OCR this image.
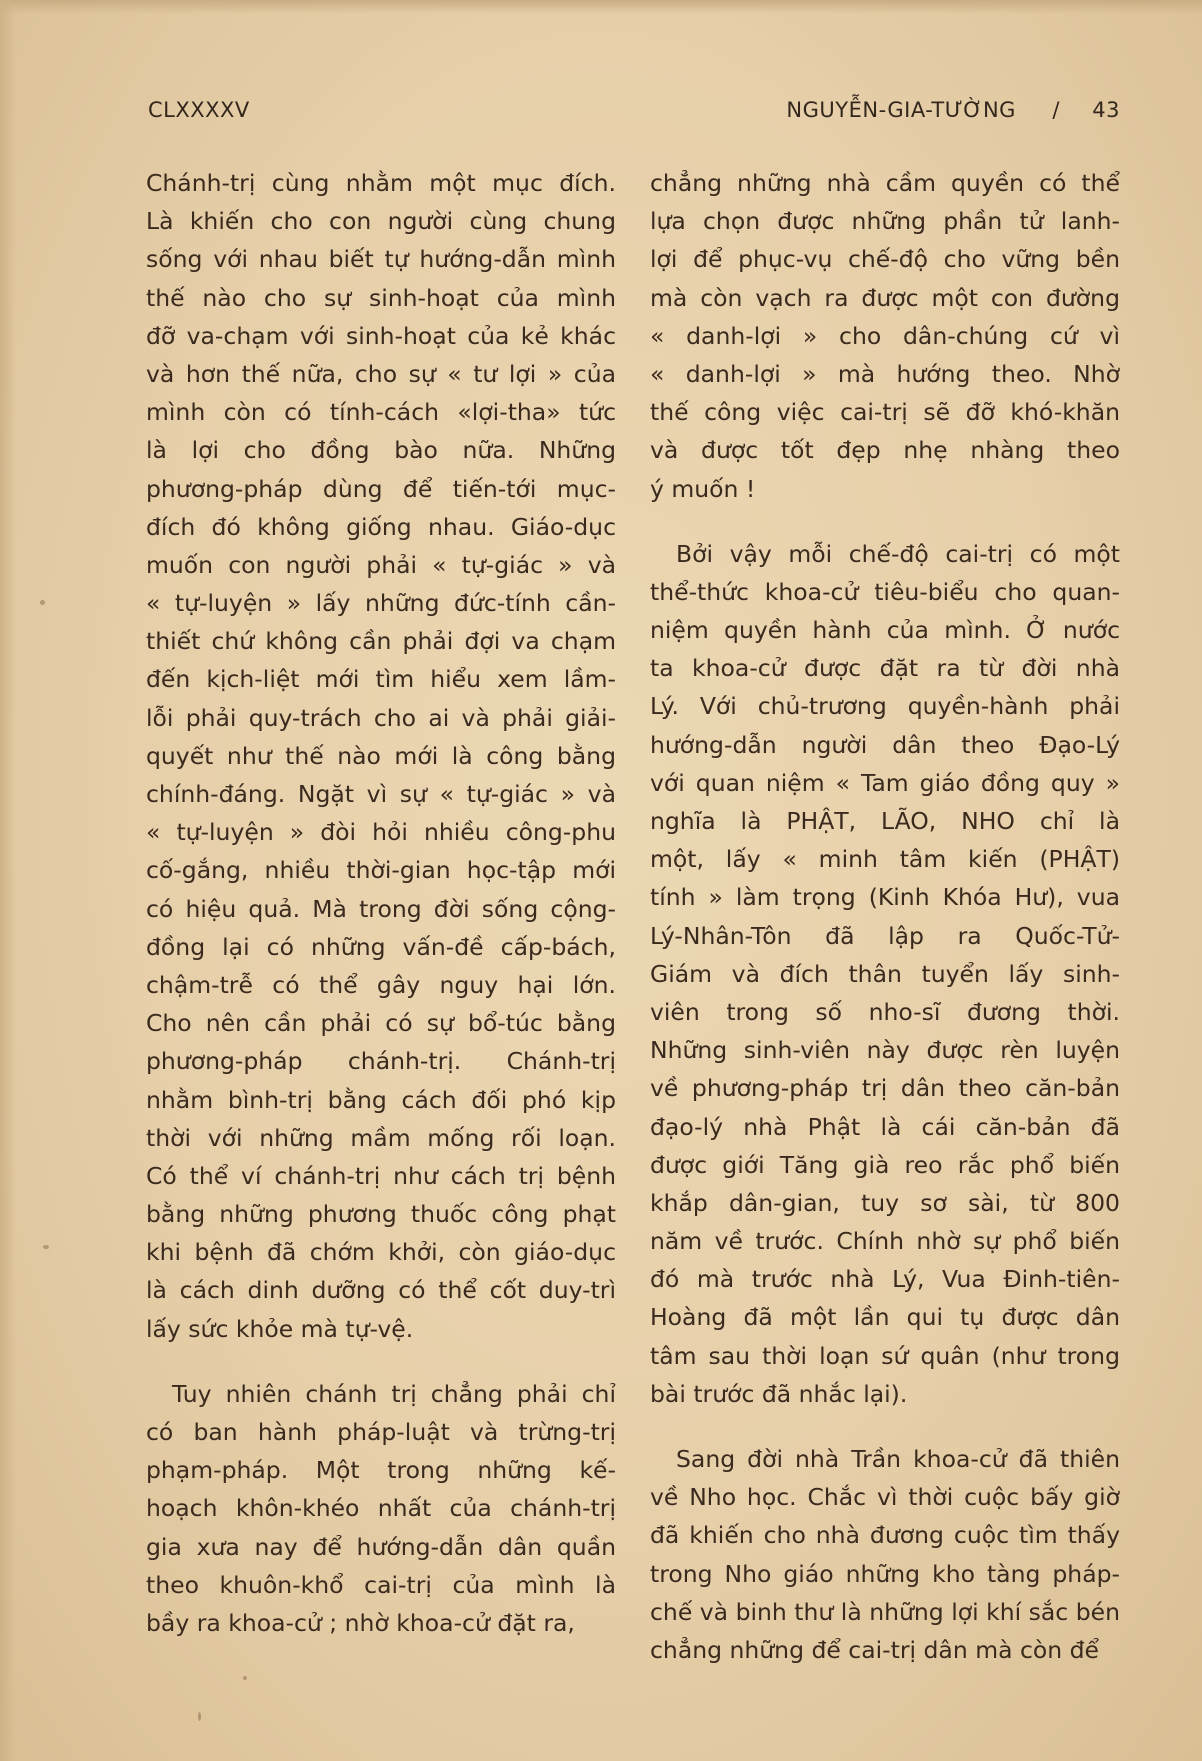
CLXXXXV	NGUYỄN-GIA-TƯỜNG / 43
Chánh-trị cùng nhằm một mục đích.
Là khiến cho con người cùng chung
sống với nhau biết tự hướng-dẫn mình
thế nào cho sự sinh-hoạt của mình
đỡ va-chạm với sinh-hoạt của kẻ khác
và hơn thế nữa, cho sự « tư lợi » của
mình còn có tính-cách «lợi-tha» tức
là lợi cho đồng bào nữa. Những
phương-pháp dùng để tiến-tới mục-
đích đó không giống nhau. Giáo-dục
muốn con người phải « tự-giác » và
« tự-luyện » lấy những đức-tính cần-
thiết chứ không cần phải đợi va chạm
đến kịch-liệt mới tìm hiểu xem lầm-
lỗi phải quy-trách cho ai và phải giải-
quyết như thế nào mới là công bằng
chính-đáng. Ngặt vì sự « tự-giác » và
« tự-luyện » đòi hỏi nhiều công-phu
cố-gắng, nhiều thời-gian học-tập mới
có hiệu quả. Mà trong đời sống cộng-
đồng lại có những vấn-đề cấp-bách,
chậm-trễ có thể gây nguy hại lớn.
Cho nên cần phải có sự bổ-túc bằng
phương-pháp chánh-trị. Chánh-trị
nhằm bình-trị bằng cách đối phó kịp
thời với những mầm mống rối loạn.
Có thể ví chánh-trị như cách trị bệnh
bằng những phương thuốc công phạt
khi bệnh đã chớm khởi, còn giáo-dục
là cách dinh dưỡng có thể cốt duy-trì
lấy sức khỏe mà tự-vệ.
Tuy nhiên chánh trị chẳng phải chỉ
có ban hành pháp-luật và trừng-trị
phạm-pháp. Một trong những kế-
hoạch khôn-khéo nhất của chánh-trị
gia xưa nay để hướng-dẫn dân quần
theo khuôn-khổ cai-trị của mình là
bầy ra khoa-cử ; nhờ khoa-cử đặt ra,
chẳng những nhà cầm quyền có thể
lựa chọn được những phần tử lanh-
lợi để phục-vụ chế-độ cho vững bền
mà còn vạch ra được một con đường
« danh-lợi » cho dân-chúng cứ vì
« danh-lợi » mà hướng theo. Nhờ
thế công việc cai-trị sẽ đỡ khó-khăn
và được tốt đẹp nhẹ nhàng theo
ý muốn !
Bởi vậy mỗi chế-độ cai-trị có một
thể-thức khoa-cử tiêu-biểu cho quan-
niệm quyền hành của mình. Ở nước
ta khoa-cử được đặt ra từ đời nhà
Lý. Với chủ-trương quyền-hành phải
hướng-dẫn người dân theo Đạo-Lý
với quan niệm « Tam giáo đồng quy »
nghĩa là PHẬT, LÃO, NHO chỉ là
một, lấy « minh tâm kiến (PHẬT)
tính » làm trọng (Kinh Khóa Hư), vua
Lý-Nhân-Tôn đã lập ra Quốc-Tử-
Giám và đích thân tuyển lấy sinh-
viên trong số nho-sĩ đương thời.
Những sinh-viên này được rèn luyện
về phương-pháp trị dân theo căn-bản
đạo-lý nhà Phật là cái căn-bản đã
được giới Tăng già reo rắc phổ biến
khắp dân-gian, tuy sơ sài, từ 800
năm về trước. Chính nhờ sự phổ biến
đó mà trước nhà Lý, Vua Đinh-tiên-
Hoàng đã một lần qui tụ được dân
tâm sau thời loạn sứ quân (như trong
bài trước đã nhắc lại).
Sang đời nhà Trần khoa-cử đã thiên
về Nho học. Chắc vì thời cuộc bấy giờ
đã khiến cho nhà đương cuộc tìm thấy
trong Nho giáo những kho tàng pháp-
chế và binh thư là những lợi khí sắc bén
chẳng những để cai-trị dân mà còn để
